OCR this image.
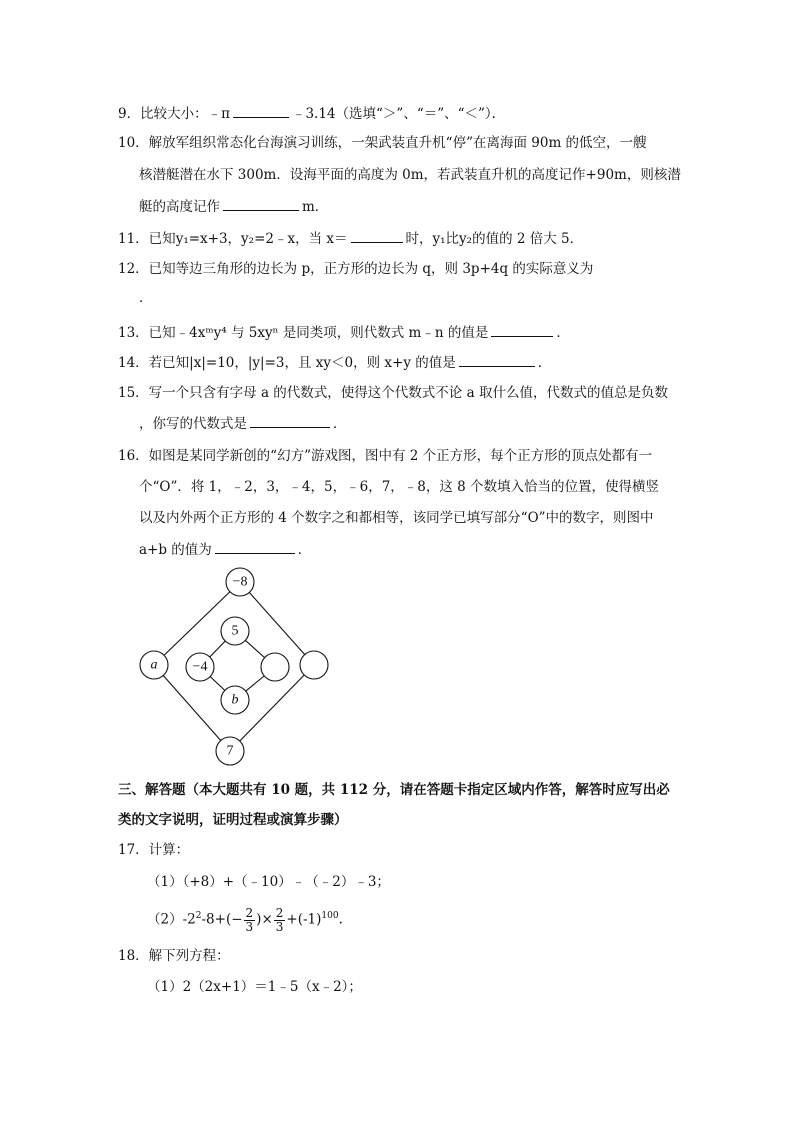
9．比较大小：﹣π	﹣3.14（选填“＞”、“＝”、“＜”）．
10．解放军组织常态化台海演习训练，一架武装直升机“停”在离海面 90m 的低空，一艘
核潜艇潜在水下 300m．设海平面的高度为 0m，若武装直升机的高度记作+90m，则核潜
艇的高度记作	m．
11．已知y₁=x+3，y₂=2﹣x，当 x＝	时，y₁比y₂的值的 2 倍大 5．
12．已知等边三角形的边长为 p，正方形的边长为 q，则 3p+4q 的实际意义为
．
13．已知﹣4xᵐy⁴ 与 5xyⁿ 是同类项，则代数式 m﹣n 的值是	．
14．若已知|x|=10，|y|=3，且 xy＜0，则 x+y 的值是	．
15．写一个只含有字母 a 的代数式，使得这个代数式不论 a 取什么值，代数式的值总是负数
，你写的代数式是	．
16．如图是某同学新创的“幻方”游戏图，图中有 2 个正方形，每个正方形的顶点处都有一
个“O”．将 1，﹣2，3，﹣4，5，﹣6，7，﹣8，这 8 个数填入恰当的位置，使得横竖
以及内外两个正方形的 4 个数字之和都相等，该同学已填写部分“O”中的数字，则图中
a+b 的值为	．
−8
a
7
5
−4
b
三、解答题（本大题共有 10 题，共 112 分，请在答题卡指定区域内作答，解答时应写出必
类的文字说明，证明过程或演算步骤）
17．计算：
（1）（+8）+（﹣10）﹣（﹣2）﹣3；
$(2)-2^2-8+(- \frac{2}{3}$ )× $\frac{2}{3} +(-1)^{100}$.
18．解下列方程：
（1）2（2x+1）＝1﹣5（x﹣2）；
